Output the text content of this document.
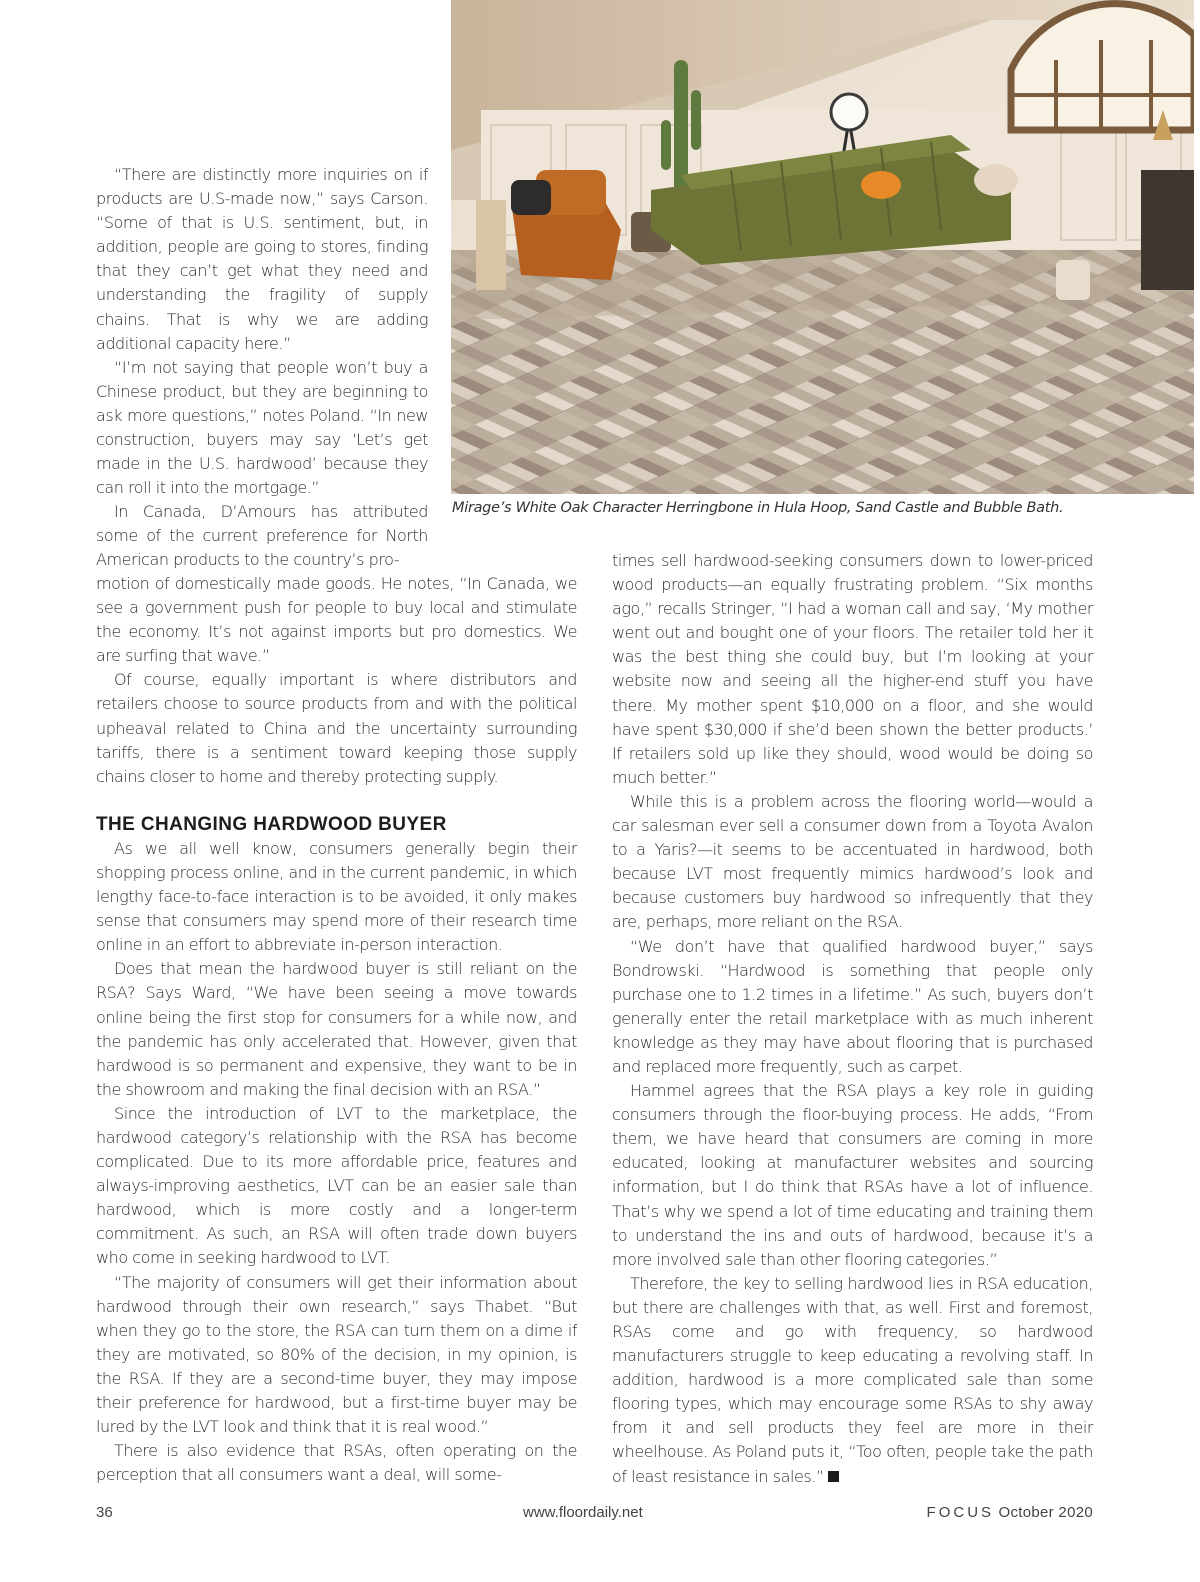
Mirage’s White Oak Character Herringbone in Hula Hoop, Sand Castle and Bubble Bath.

“There are distinctly more inquiries on if products are U.S-made now,” says Carson. “Some of that is U.S. sentiment, but, in addition, people are going to stores, finding that they can’t get what they need and understanding the fragility of supply chains. That is why we are adding additional capacity here.”

“I’m not saying that people won’t buy a Chinese product, but they are beginning to ask more questions,” notes Poland. “In new construction, buyers may say ‘Let’s get made in the U.S. hardwood’ because they can roll it into the mortgage.”

In Canada, D’Amours has attributed some of the current preference for North American products to the country’s pro-

motion of domestically made goods. He notes, “In Canada, we see a government push for people to buy local and stimulate the economy. It’s not against imports but pro domestics. We are surfing that wave.”

Of course, equally important is where distributors and retailers choose to source products from and with the political upheaval related to China and the uncertainty surrounding tariffs, there is a sentiment toward keeping those supply chains closer to home and thereby protecting supply.

THE CHANGING HARDWOOD BUYER

As we all well know, consumers generally begin their shopping process online, and in the current pandemic, in which lengthy face-to-face interaction is to be avoided, it only makes sense that consumers may spend more of their research time online in an effort to abbreviate in-person interaction.

Does that mean the hardwood buyer is still reliant on the RSA? Says Ward, “We have been seeing a move towards online being the first stop for consumers for a while now, and the pandemic has only accelerated that. However, given that hardwood is so permanent and expensive, they want to be in the showroom and making the final decision with an RSA.”

Since the introduction of LVT to the marketplace, the hardwood category’s relationship with the RSA has become complicated. Due to its more affordable price, features and always-improving aesthetics, LVT can be an easier sale than hardwood, which is more costly and a longer-term commitment. As such, an RSA will often trade down buyers who come in seeking hardwood to LVT.

“The majority of consumers will get their information about hardwood through their own research,” says Thabet. “But when they go to the store, the RSA can turn them on a dime if they are motivated, so 80% of the decision, in my opinion, is the RSA. If they are a second-time buyer, they may impose their preference for hardwood, but a first-time buyer may be lured by the LVT look and think that it is real wood.”

There is also evidence that RSAs, often operating on the perception that all consumers want a deal, will some-

times sell hardwood-seeking consumers down to lower-priced wood products—an equally frustrating problem. “Six months ago,” recalls Stringer, “I had a woman call and say, ‘My mother went out and bought one of your floors. The retailer told her it was the best thing she could buy, but I’m looking at your website now and seeing all the higher-end stuff you have there. My mother spent $10,000 on a floor, and she would have spent $30,000 if she’d been shown the better products.’ If retailers sold up like they should, wood would be doing so much better.”

While this is a problem across the flooring world—would a car salesman ever sell a consumer down from a Toyota Avalon to a Yaris?—it seems to be accentuated in hardwood, both because LVT most frequently mimics hardwood’s look and because customers buy hardwood so infrequently that they are, perhaps, more reliant on the RSA.

“We don’t have that qualified hardwood buyer,” says Bondrowski. “Hardwood is something that people only purchase one to 1.2 times in a lifetime.” As such, buyers don’t generally enter the retail marketplace with as much inherent knowledge as they may have about flooring that is purchased and replaced more frequently, such as carpet.

Hammel agrees that the RSA plays a key role in guiding consumers through the floor-buying process. He adds, “From them, we have heard that consumers are coming in more educated, looking at manufacturer websites and sourcing information, but I do think that RSAs have a lot of influence. That’s why we spend a lot of time educating and training them to understand the ins and outs of hardwood, because it’s a more involved sale than other flooring categories.”

Therefore, the key to selling hardwood lies in RSA education, but there are challenges with that, as well. First and foremost, RSAs come and go with frequency, so hardwood manufacturers struggle to keep educating a revolving staff. In addition, hardwood is a more complicated sale than some flooring types, which may encourage some RSAs to shy away from it and sell products they feel are more in their wheelhouse. As Poland puts it, “Too often, people take the path of least resistance in sales.”

36	www.floordaily.net	FOCUS October 2020
